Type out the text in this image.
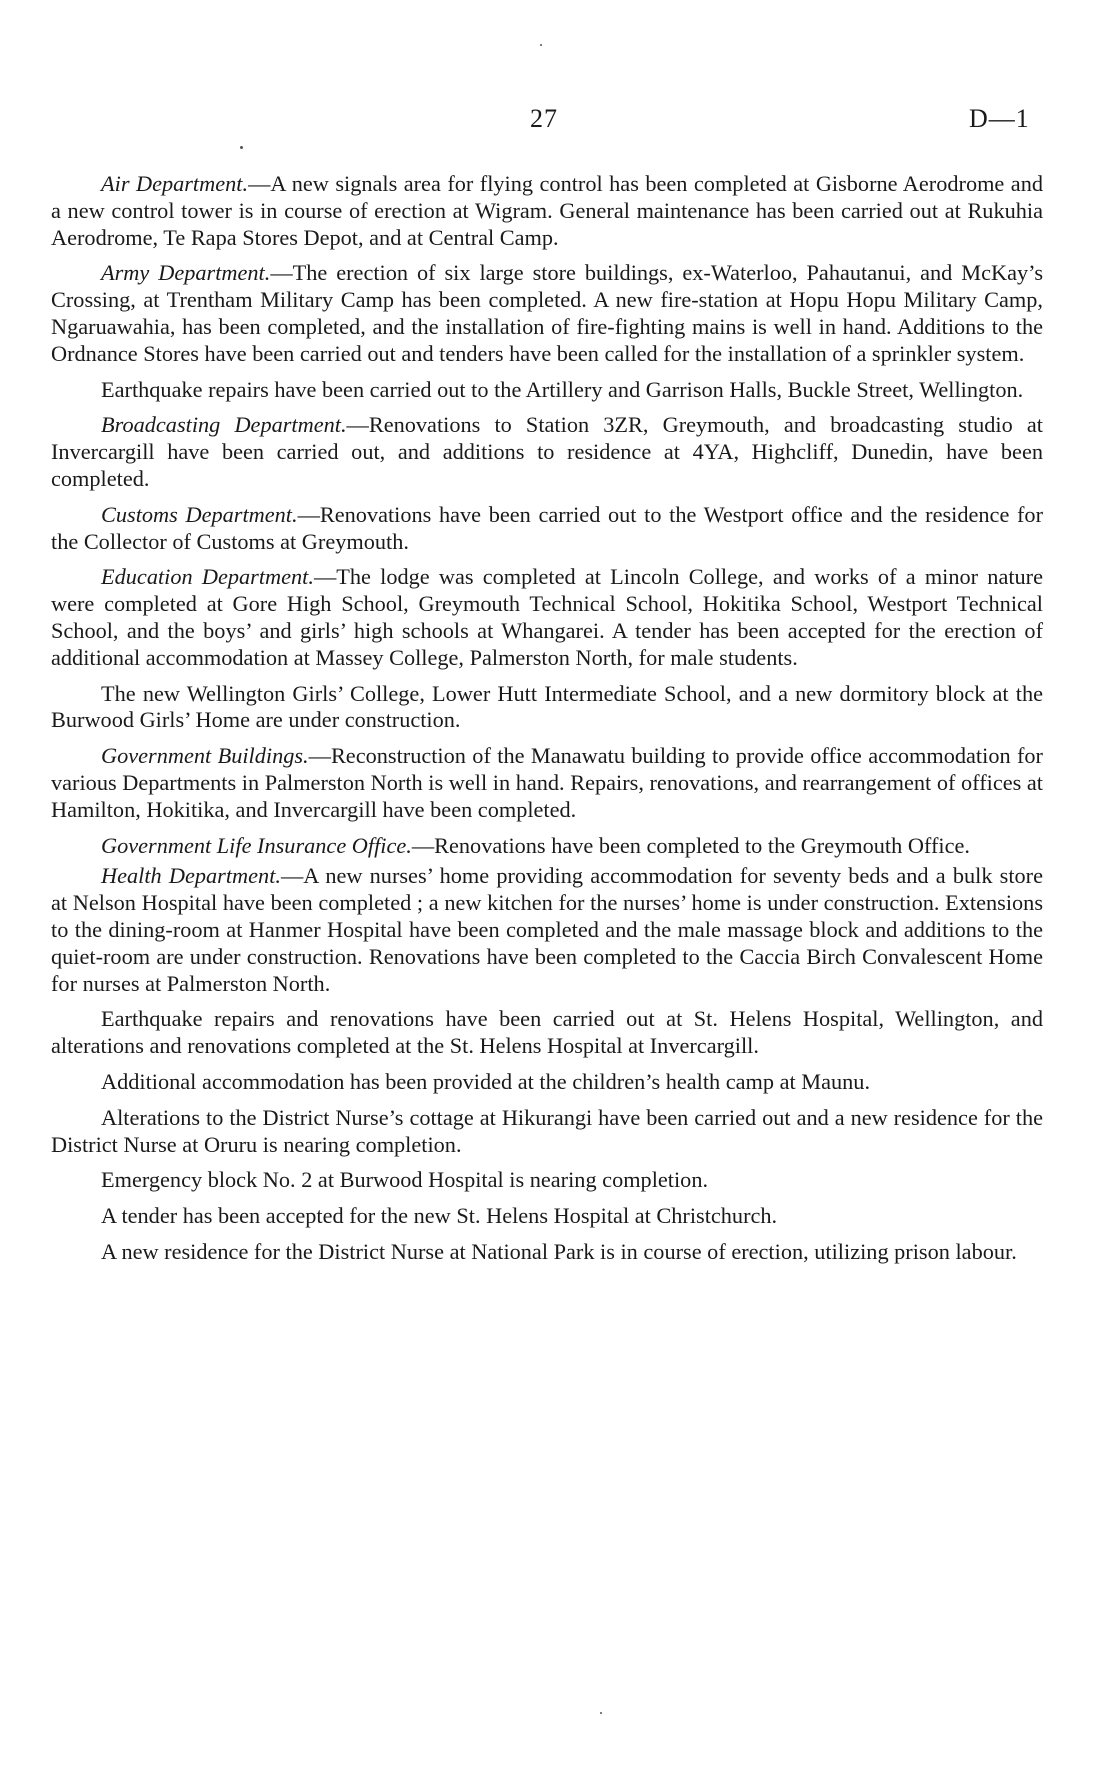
27	D—1

Air Department.—A new signals area for flying control has been completed at Gisborne Aerodrome and a new control tower is in course of erection at Wigram. General maintenance has been carried out at Rukuhia Aerodrome, Te Rapa Stores Depot, and at Central Camp.

Army Department.—The erection of six large store buildings, ex-Waterloo, Pahautanui, and McKay’s Crossing, at Trentham Military Camp has been completed. A new fire-station at Hopu Hopu Military Camp, Ngaruawahia, has been completed, and the installation of fire-fighting mains is well in hand. Additions to the Ordnance Stores have been carried out and tenders have been called for the installation of a sprinkler system.

Earthquake repairs have been carried out to the Artillery and Garrison Halls, Buckle Street, Wellington.

Broadcasting Department.—Renovations to Station 3ZR, Greymouth, and broadcasting studio at Invercargill have been carried out, and additions to residence at 4YA, Highcliff, Dunedin, have been completed.

Customs Department.—Renovations have been carried out to the Westport office and the residence for the Collector of Customs at Greymouth.

Education Department.—The lodge was completed at Lincoln College, and works of a minor nature were completed at Gore High School, Greymouth Technical School, Hokitika School, Westport Technical School, and the boys’ and girls’ high schools at Whangarei. A tender has been accepted for the erection of additional accommodation at Massey College, Palmerston North, for male students.

The new Wellington Girls’ College, Lower Hutt Intermediate School, and a new dormitory block at the Burwood Girls’ Home are under construction.

Government Buildings.—Reconstruction of the Manawatu building to provide office accommodation for various Departments in Palmerston North is well in hand. Repairs, renovations, and rearrangement of offices at Hamilton, Hokitika, and Invercargill have been completed.

Government Life Insurance Office.—Renovations have been completed to the Greymouth Office.

Health Department.—A new nurses’ home providing accommodation for seventy beds and a bulk store at Nelson Hospital have been completed ; a new kitchen for the nurses’ home is under construction. Extensions to the dining-room at Hanmer Hospital have been completed and the male massage block and additions to the quiet-room are under construction. Renovations have been completed to the Caccia Birch Convalescent Home for nurses at Palmerston North.

Earthquake repairs and renovations have been carried out at St. Helens Hospital, Wellington, and alterations and renovations completed at the St. Helens Hospital at Invercargill.

Additional accommodation has been provided at the children’s health camp at Maunu.

Alterations to the District Nurse’s cottage at Hikurangi have been carried out and a new residence for the District Nurse at Oruru is nearing completion.

Emergency block No. 2 at Burwood Hospital is nearing completion.

A tender has been accepted for the new St. Helens Hospital at Christchurch.

A new residence for the District Nurse at National Park is in course of erection, utilizing prison labour.
